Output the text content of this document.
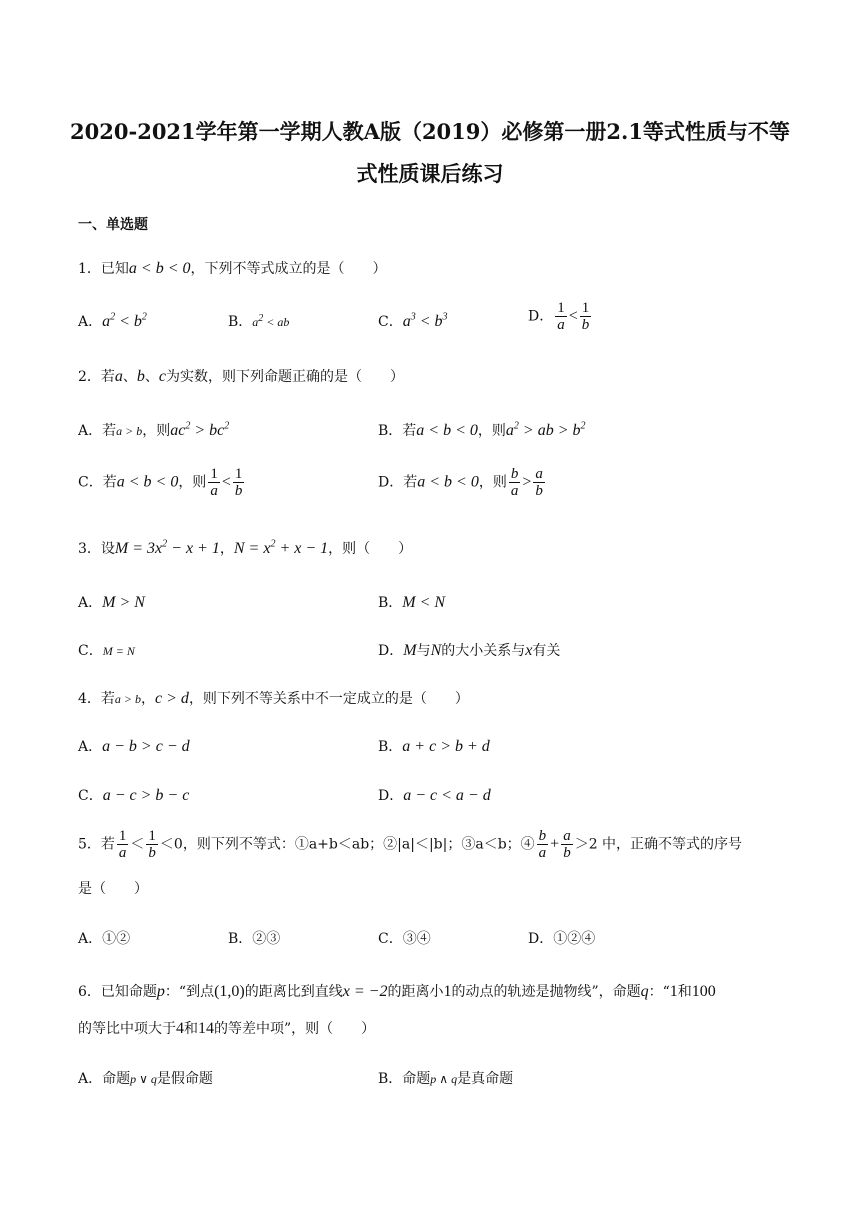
2020-2021学年第一学期人教A版（2019）必修第一册2.1等式性质与不等
式性质课后练习
一、单选题
1．已知a < b < 0，下列不等式成立的是（　　）
A．$a^2 < b^2$	B．$a^2$ < ab	C．$a^3 < b^3$	D． $\frac{1}{a} < \frac{1}{b}$
2．若a、b、c为实数，则下列命题正确的是（　　）
A．若a > b，则$ac^2 > bc^2$	B．若a < b < 0，则$a^2$ > ab > $b^2$
C．若a < b < 0，则 $\frac{1}{a} < \frac{1}{b}$	D．若a < b < 0，则 $\frac{b}{a} > \frac{a}{b}$
3．设$M = 3x^2 - x + 1$，$N = x^2 + x - 1$，则（　　）
A．M > N	B．M < N
C．M = N	D．M与N的大小关系与x有关
4．若a > b，c > d，则下列不等关系中不一定成立的是（　　）
A．a − b > c − d	B．a + c > b + d
C．a − c > b − c	D．a − c < a − d
5．若 $\frac{1}{a} < \frac{1}{b} <0$，则下列不等式：①a+b＜ab；②|a|＜|b|；③a＜b；④ $\frac{b}{a} + \frac{a}{b} >2$ 中，正确不等式的序号
是（　　）
A．①②	B．②③	C．③④	D．①②④
6．已知命题p：“到点(1,0)的距离比到直线x = −2的距离小1的动点的轨迹是抛物线”，命题q：“1和100
的等比中项大于4和14的等差中项”，则（　　）
A．命题p ∨ q是假命题	B．命题p ∧ q是真命题
